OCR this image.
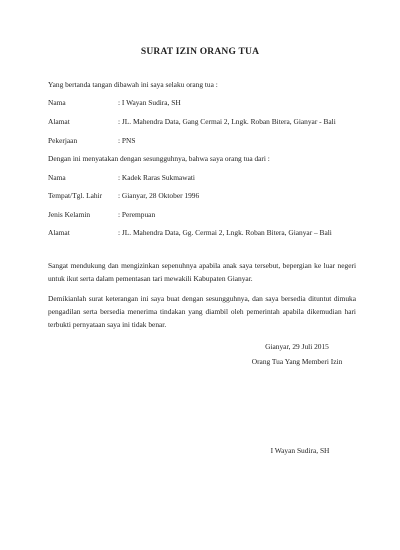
SURAT IZIN ORANG TUA
Yang bertanda tangan dibawah ini saya selaku orang tua :
Nama	: I Wayan Sudira, SH
Alamat	: JL. Mahendra Data, Gang Cermai 2, Lngk. Roban Bitera, Gianyar - Bali
Pekerjaan	: PNS
Dengan ini menyatakan dengan sesungguhnya, bahwa saya orang tua dari :
Nama	: Kadek Raras Sukmawati
Tempat/Tgl. Lahir : Gianyar, 28 Oktober 1996
Jenis Kelamin	: Perempuan
Alamat	: JL. Mahendra Data, Gg. Cermai 2, Lngk. Roban Bitera, Gianyar – Bali
Sangat mendukung dan mengizinkan sepenuhnya apabila anak saya tersebut, bepergian ke luar negeri untuk ikut serta dalam pementasan tari mewakili Kabupaten Gianyar.
Demikianlah surat keterangan ini saya buat dengan sesungguhnya, dan saya bersedia dituntut dimuka pengadilan serta bersedia menerima tindakan yang diambil oleh pemerintah apabila dikemudian hari terbukti pernyataan saya ini tidak benar.
Gianyar, 29 Juli 2015
Orang Tua Yang Memberi Izin
I Wayan Sudira, SH
